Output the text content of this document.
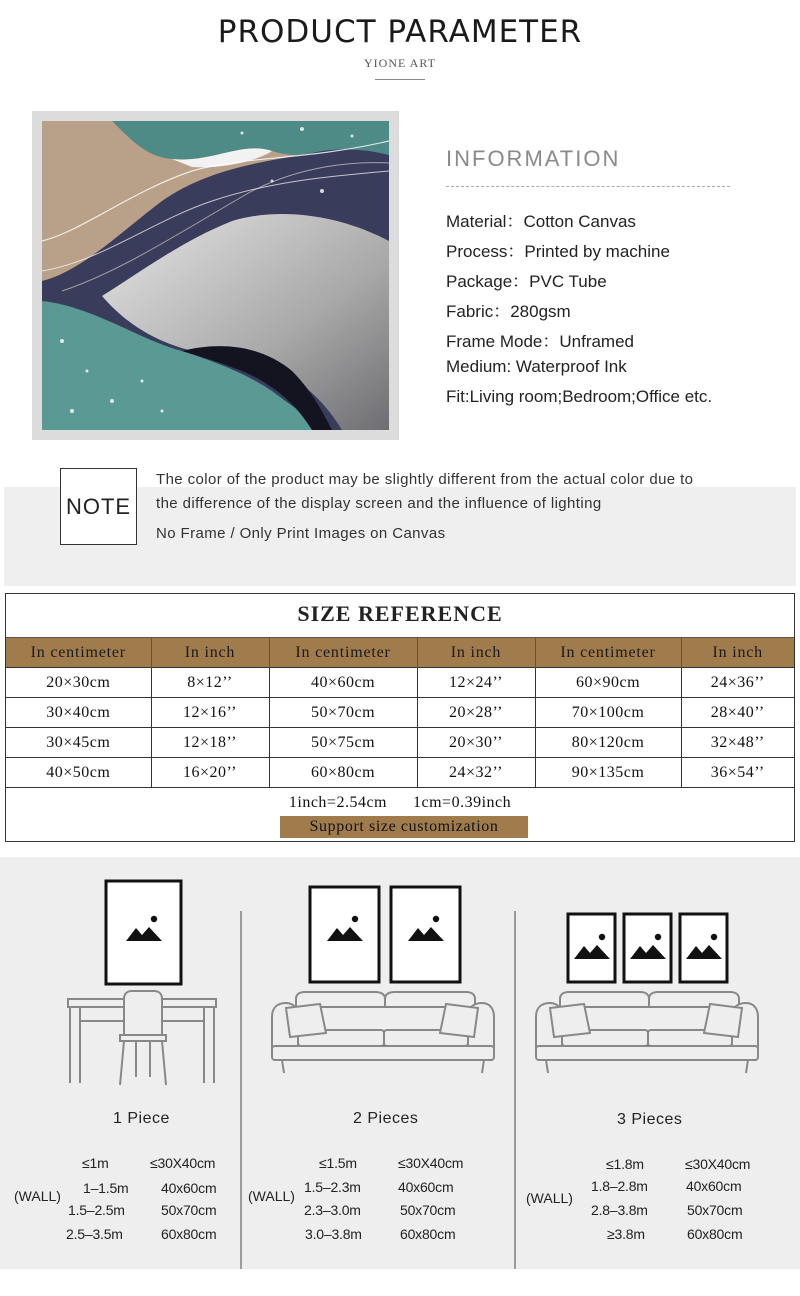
PRODUCT PARAMETER
YIONE ART
INFORMATION
Material：Cotton Canvas
Process：Printed by machine
Package：PVC Tube
Fabric：280gsm
Frame Mode：Unframed
Medium: Waterproof Ink
Fit:Living room;Bedroom;Office etc.
NOTE
The color of the product may be slightly different from the actual color due to
the difference of the display screen and the influence of lighting
No Frame / Only Print Images on Canvas
SIZE REFERENCE
In centimeter	In inch	In centimeter	In inch	In centimeter	In inch
20×30cm	8×12’’	40×60cm	12×24’’	60×90cm	24×36’’
30×40cm	12×16’’	50×70cm	20×28’’	70×100cm	28×40’’
30×45cm	12×18’’	50×75cm	20×30’’	80×120cm	32×48’’
40×50cm	16×20’’	60×80cm	24×32’’	90×135cm	36×54’’
1inch=2.54cm 1cm=0.39inch
Support size customization
1 Piece
(WALL)
≤1m	≤30X40cm
1–1.5m 40x60cm
1.5–2.5m	50x70cm
2.5–3.5m	60x80cm
2 Pieces
(WALL)
≤1.5m	≤30X40cm
1.5–2.3m	40x60cm
2.3–3.0m	50x70cm
3.0–3.8m	60x80cm
3 Pieces
(WALL)
≤1.8m	≤30X40cm
1.8–2.8m	40x60cm
2.8–3.8m	50x70cm
≥3.8m	60x80cm
